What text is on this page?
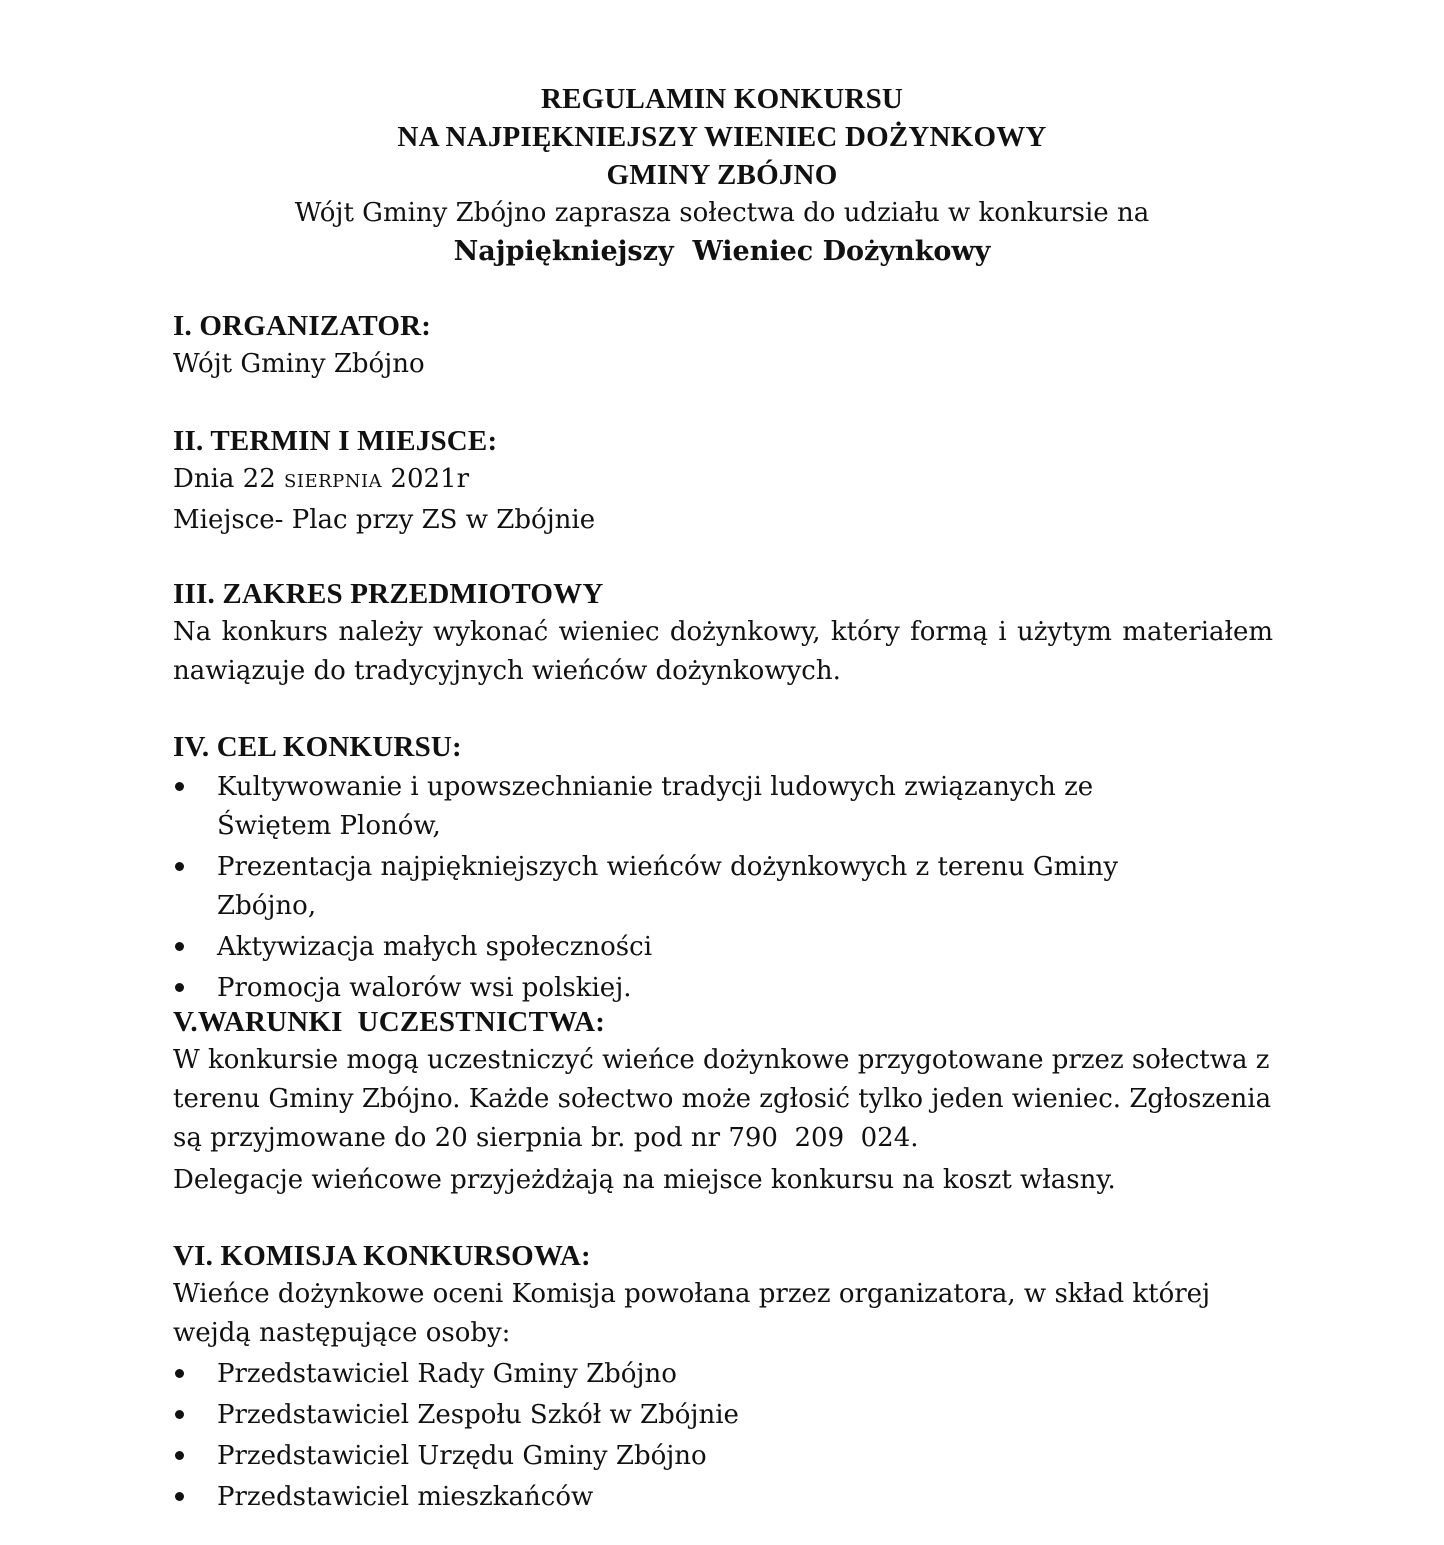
REGULAMIN KONKURSU
NA NAJPIĘKNIEJSZY WIENIEC DOŻYNKOWY
GMINY ZBÓJNO
Wójt Gminy Zbójno zaprasza sołectwa do udziału w konkursie na
Najpiękniejszy  Wieniec Dożynkowy
I. ORGANIZATOR:
Wójt Gminy Zbójno
II. TERMIN I MIEJSCE:
Dnia 22 SIERPNIA 2021r
Miejsce- Plac przy ZS w Zbójnie
III. ZAKRES PRZEDMIOTOWY
Na konkurs należy wykonać wieniec dożynkowy, który formą i użytym materiałem nawiązuje do tradycyjnych wieńców dożynkowych.
IV. CEL KONKURSU:
Kultywowanie i upowszechnianie tradycji ludowych związanych ze Świętem Plonów,
Prezentacja najpiękniejszych wieńców dożynkowych z terenu Gminy Zbójno,
Aktywizacja małych społeczności
Promocja walorów wsi polskiej.
V.WARUNKI  UCZESTNICTWA:
W konkursie mogą uczestniczyć wieńce dożynkowe przygotowane przez sołectwa z terenu Gminy Zbójno. Każde sołectwo może zgłosić tylko jeden wieniec. Zgłoszenia są przyjmowane do 20 sierpnia br. pod nr 790  209  024.
Delegacje wieńcowe przyjeżdżają na miejsce konkursu na koszt własny.
VI. KOMISJA KONKURSOWA:
Wieńce dożynkowe oceni Komisja powołana przez organizatora, w skład której wejdą następujące osoby:
Przedstawiciel Rady Gminy Zbójno
Przedstawiciel Zespołu Szkół w Zbójnie
Przedstawiciel Urzędu Gminy Zbójno
Przedstawiciel mieszkańców
